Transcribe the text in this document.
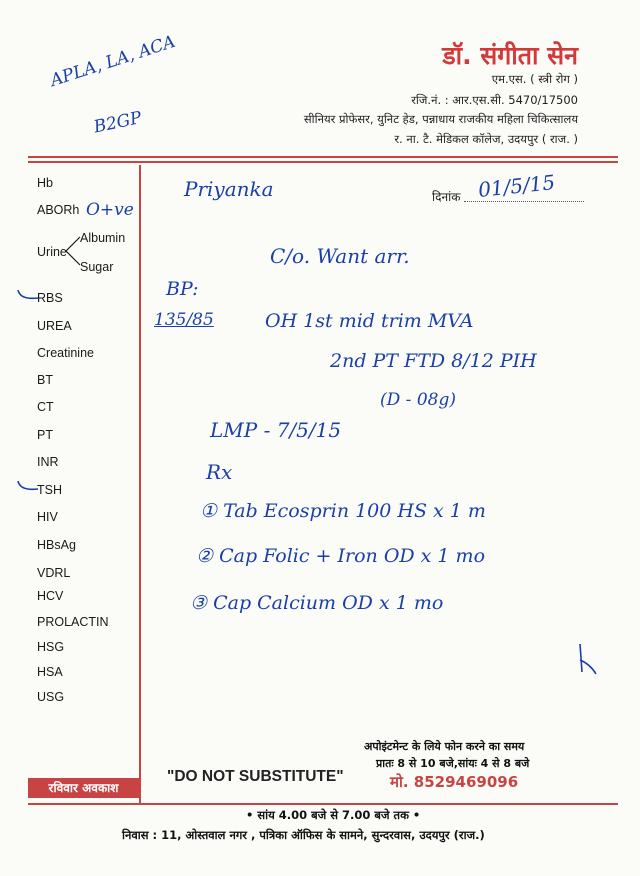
डॉ. संगीता सेन
एम.एस. ( स्त्री रोग )
रजि.नं. : आर.एस.सी. 5470/17500
सीनियर प्रोफेसर, युनिट हेड, पन्नाधाय राजकीय महिला चिकित्सालय
र. ना. टै. मेडिकल कॉलेज, उदयपुर ( राज. )
Hb
ABORh
Urine
Albumin
Sugar
RBS
UREA
Creatinine
BT
CT
PT
INR
TSH
HIV
HBsAg
VDRL
HCV
PROLACTIN
HSG
HSA
USG
दिनांक
APLA, LA, ACA
B2GP
Priyanka	01/5/15
O+ve
C/o. Want arr.
BP:
135/85	OH 1st mid trim MVA
2nd PT FTD 8/12 PIH
(D - 08g)
LMP - 7/5/15
Rx
① Tab Ecosprin 100 HS x 1 m
② Cap Folic + Iron OD x 1 mo
③ Cap Calcium OD x 1 mo
अपोइंटमेन्ट के लिये फोन करने का समय
प्रातः 8 से 10 बजे,सांयः 4 से 8 बजे
मो. 8529469096
रविवार अवकाश
"DO NOT SUBSTITUTE"
• सांय 4.00 बजे से 7.00 बजे तक •
निवास : 11, ओस्तवाल नगर , पत्रिका ऑफिस के सामने, सुन्दरवास, उदयपुर (राज.)
